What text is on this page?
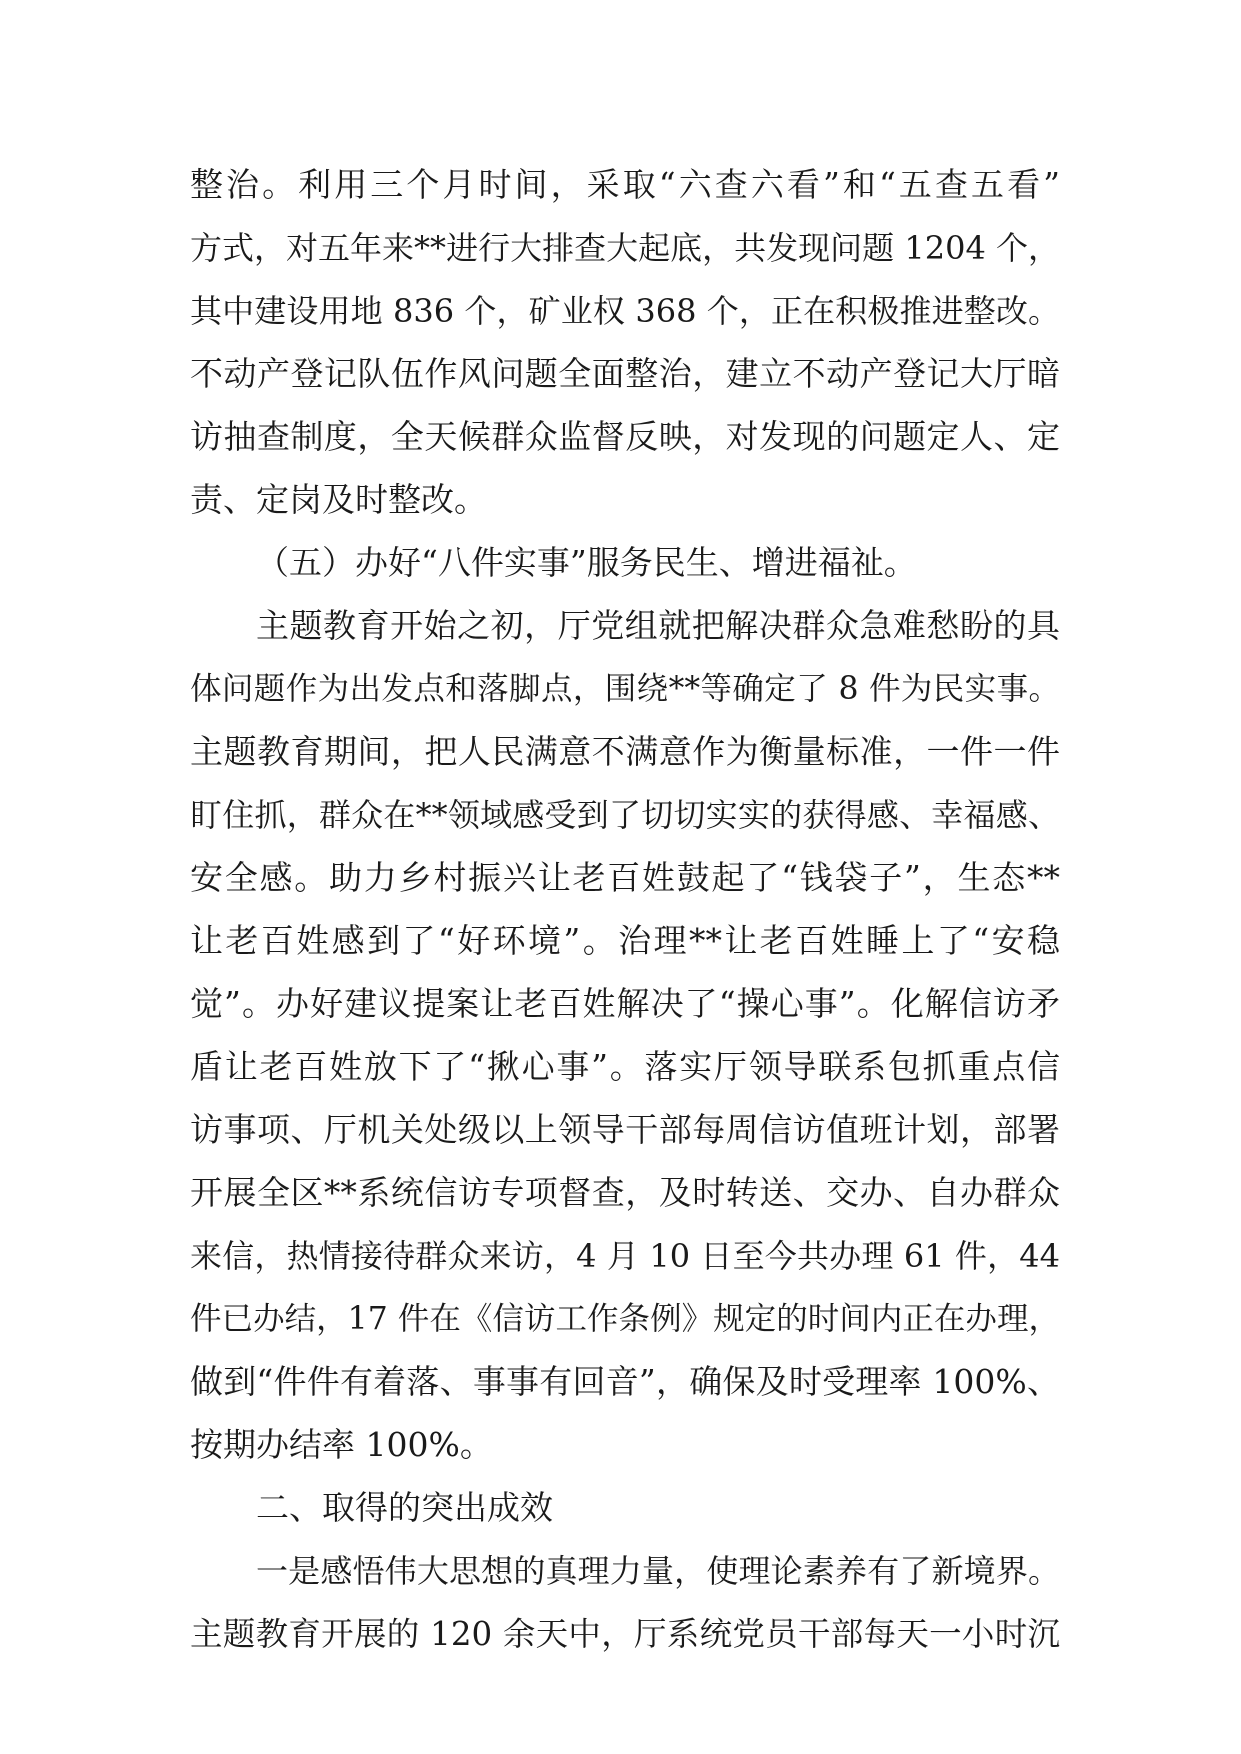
整治。利用三个月时间，采取“六查六看”和“五查五看”
方式，对五年来**进行大排查大起底，共发现问题 1204 个，
其中建设用地 836 个，矿业权 368 个，正在积极推进整改。
不动产登记队伍作风问题全面整治，建立不动产登记大厅暗
访抽查制度，全天候群众监督反映，对发现的问题定人、定
责、定岗及时整改。
（五）办好“八件实事”服务民生、增进福祉。
主题教育开始之初，厅党组就把解决群众急难愁盼的具
体问题作为出发点和落脚点，围绕**等确定了 8 件为民实事。
主题教育期间，把人民满意不满意作为衡量标准，一件一件
盯住抓，群众在**领域感受到了切切实实的获得感、幸福感、
安全感。助力乡村振兴让老百姓鼓起了“钱袋子”，生态**
让老百姓感到了“好环境”。治理**让老百姓睡上了“安稳
觉”。办好建议提案让老百姓解决了“操心事”。化解信访矛
盾让老百姓放下了“揪心事”。落实厅领导联系包抓重点信
访事项、厅机关处级以上领导干部每周信访值班计划，部署
开展全区**系统信访专项督查，及时转送、交办、自办群众
来信，热情接待群众来访，4 月 10 日至今共办理 61 件，44
件已办结，17 件在《信访工作条例》规定的时间内正在办理，
做到“件件有着落、事事有回音”，确保及时受理率 100%、
按期办结率 100%。
二、取得的突出成效
一是感悟伟大思想的真理力量，使理论素养有了新境界。
主题教育开展的 120 余天中，厅系统党员干部每天一小时沉
